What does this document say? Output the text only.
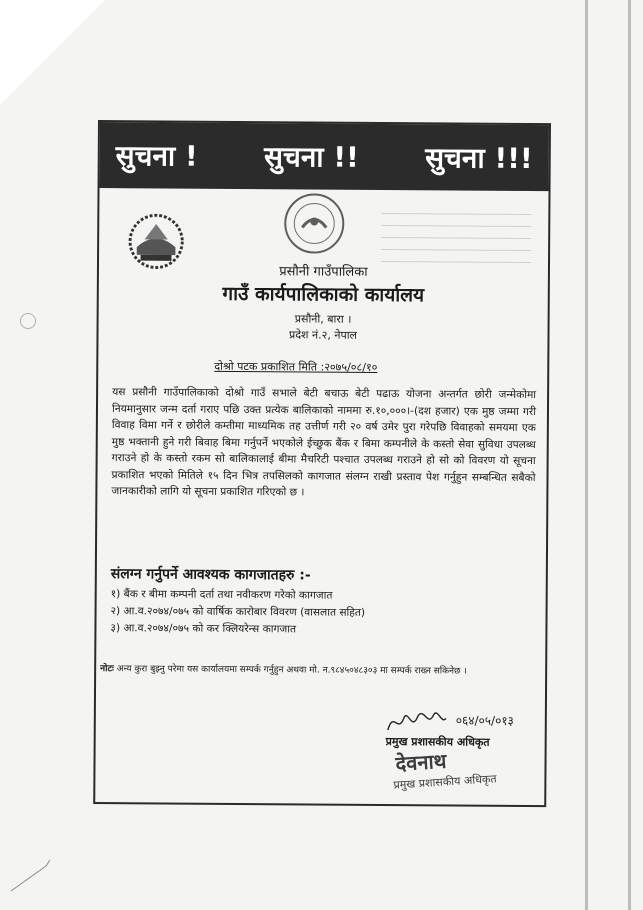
सुचना ! सुचना !! सुचना !!!
प्रसौनी गाउँपालिका
गाउँ कार्यपालिकाको कार्यालय
प्रसौनी, बारा ।
प्रदेश नं.२, नेपाल
दोश्रो पटक प्रकाशित मिति :२०७५/०८/१०

यस प्रसौनी गाउँपालिकाको दोश्रो गाउँ सभाले बेटी बचाऊ बेटी पढाऊ योजना अन्तर्गत छोरी जन्मेकोमा नियमानुसार जन्म दर्ता गराए पछि उक्त प्रत्येक बालिकाको नाममा रु.१०,०००।-(दश हजार) एक मुष्ठ जम्मा गरी विवाह विमा गर्ने र छोरीले कम्तीमा माध्यमिक तह उत्तीर्ण गरी २० वर्ष उमेर पुरा गरेपछि विवाहको समयमा एक मुष्ठ भक्तानी हुने गरी बिवाह बिमा गर्नुपर्ने भएकोले ईच्छुक बैंक र बिमा कम्पनीले के कस्तो सेवा सुविधा उपलब्ध गराउने हो के कस्तो रकम सो बालिकालाई बीमा मैचरिटी पश्चात उपलब्ध गराउने हो सो को विवरण यो सूचना प्रकाशित भएको मितिले १५ दिन भित्र तपसिलको कागजात संलग्न राखी प्रस्ताव पेश गर्नुहुन सम्बन्धित सबैको जानकारीको लागि यो सूचना प्रकाशित गरिएको छ ।

संलग्न गर्नुपर्ने आवश्यक कागजातहरु :-
१) बैंक र बीमा कम्पनी दर्ता तथा नवीकरण गरेको कागजात
२) आ.व.२०७४/०७५ को वार्षिक कारोबार विवरण (वासलात सहित)
३) आ.व.२०७४/०७५ को कर क्लियरेन्स कागजात
नोटः अन्य कुरा बुझ्नु परेमा यस कार्यालयमा सम्पर्क गर्नुहुन अथवा मो. न.९८४५०४८३०३ मा सम्पर्क राख्न सकिनेछ ।
०६४/०५/०१३
प्रमुख प्रशासकीय अधिकृत
देवनाथ
प्रमुख प्रशासकीय अधिकृत
